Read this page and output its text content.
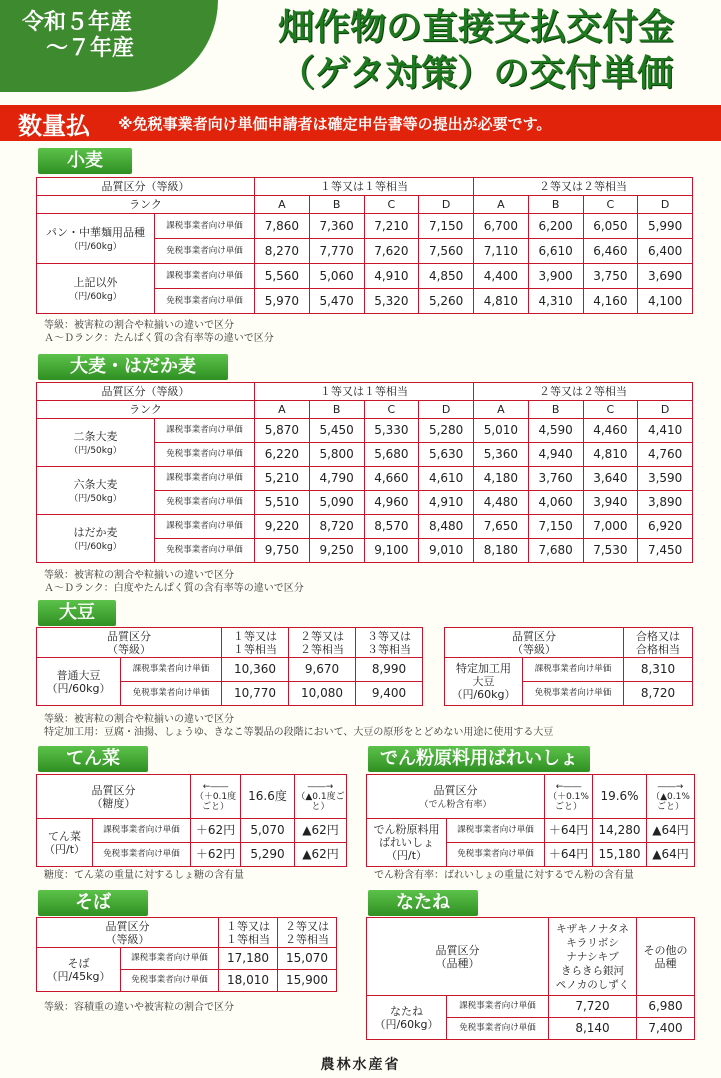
令和５年産
～７年産
畑作物の直接支払交付金
（ゲタ対策）の交付単価
数量払 ※免税事業者向け単価申請者は確定申告書等の提出が必要です。
小麦
品質区分（等級）		１等又は１等相当				２等又は２等相当			
ランク		A	B	C	D	A	B	C	D
パン・中華麺用品種
（円/60kg）	課税事業者向け単価	7,860	7,360	7,210	7,150	6,700	6,200	6,050	5,990
	免税事業者向け単価	8,270	7,770	7,620	7,560	7,110	6,610	6,460	6,400
上記以外
（円/60kg）	課税事業者向け単価	5,560	5,060	4,910	4,850	4,400	3,900	3,750	3,690
	免税事業者向け単価	5,970	5,470	5,320	5,260	4,810	4,310	4,160	4,100
等級：被害粒の割合や粒揃いの違いで区分
Ａ～Ｄランク：たんぱく質の含有率等の違いで区分
大麦・はだか麦
品質区分（等級）		１等又は１等相当				２等又は２等相当			
ランク		A	B	C	D	A	B	C	D
二条大麦
（円/50kg）	課税事業者向け単価	5,870	5,450	5,330	5,280	5,010	4,590	4,460	4,410
	免税事業者向け単価	6,220	5,800	5,680	5,630	5,360	4,940	4,810	4,760
六条大麦
（円/50kg）	課税事業者向け単価	5,210	4,790	4,660	4,610	4,180	3,760	3,640	3,590
	免税事業者向け単価	5,510	5,090	4,960	4,910	4,480	4,060	3,940	3,890
はだか麦
（円/60kg）	課税事業者向け単価	9,220	8,720	8,570	8,480	7,650	7,150	7,000	6,920
	免税事業者向け単価	9,750	9,250	9,100	9,010	8,180	7,680	7,530	7,450
等級：被害粒の割合や粒揃いの違いで区分
Ａ～Ｄランク：白度やたんぱく質の含有率等の違いで区分
大豆
品質区分
（等級）		１等又は
１等相当	２等又は
２等相当	３等又は
３等相当
普通大豆
（円/60kg）	課税事業者向け単価	10,360	9,670	8,990
	免税事業者向け単価	10,770	10,080	9,400
品質区分
（等級）		合格又は
合格相当
特定加工用
大豆
（円/60kg）	課税事業者向け単価	8,310
	免税事業者向け単価	8,720
等級：被害粒の割合や粒揃いの違いで区分
特定加工用：豆腐・油揚、しょうゆ、きなこ等製品の段階において、大豆の原形をとどめない用途に使用する大豆
てん菜
品質区分
（糖度）		←――
（＋0.1度ごと）	16.6度	――→
（▲0.1度ごと）
てん菜
（円/t）	課税事業者向け単価	＋62円	5,070	▲62円
	免税事業者向け単価	＋62円	5,290	▲62円
糖度：てん菜の重量に対するしょ糖の含有量
でん粉原料用ばれいしょ
品質区分
（でん粉含有率）		←――
（＋0.1%ごと）	19.6%	――→
（▲0.1%ごと）
でん粉原料用
ばれいしょ
（円/t）	課税事業者向け単価	＋64円	14,280	▲64円
	免税事業者向け単価	＋64円	15,180	▲64円
でん粉含有率：ばれいしょの重量に対するでん粉の含有量
そば
品質区分
（等級）		１等又は
１等相当	２等又は
２等相当
そば
（円/45kg）	課税事業者向け単価	17,180	15,070
	免税事業者向け単価	18,010	15,900
等級：容積重の違いや被害粒の割合で区分
なたね
品質区分
（品種）		キザキノナタネ
キラリボシ
ナナシキブ
きらきら銀河
ペノカのしずく	その他の
品種
なたね
（円/60kg）	課税事業者向け単価	7,720	6,980
	免税事業者向け単価	8,140	7,400
農林水産省
